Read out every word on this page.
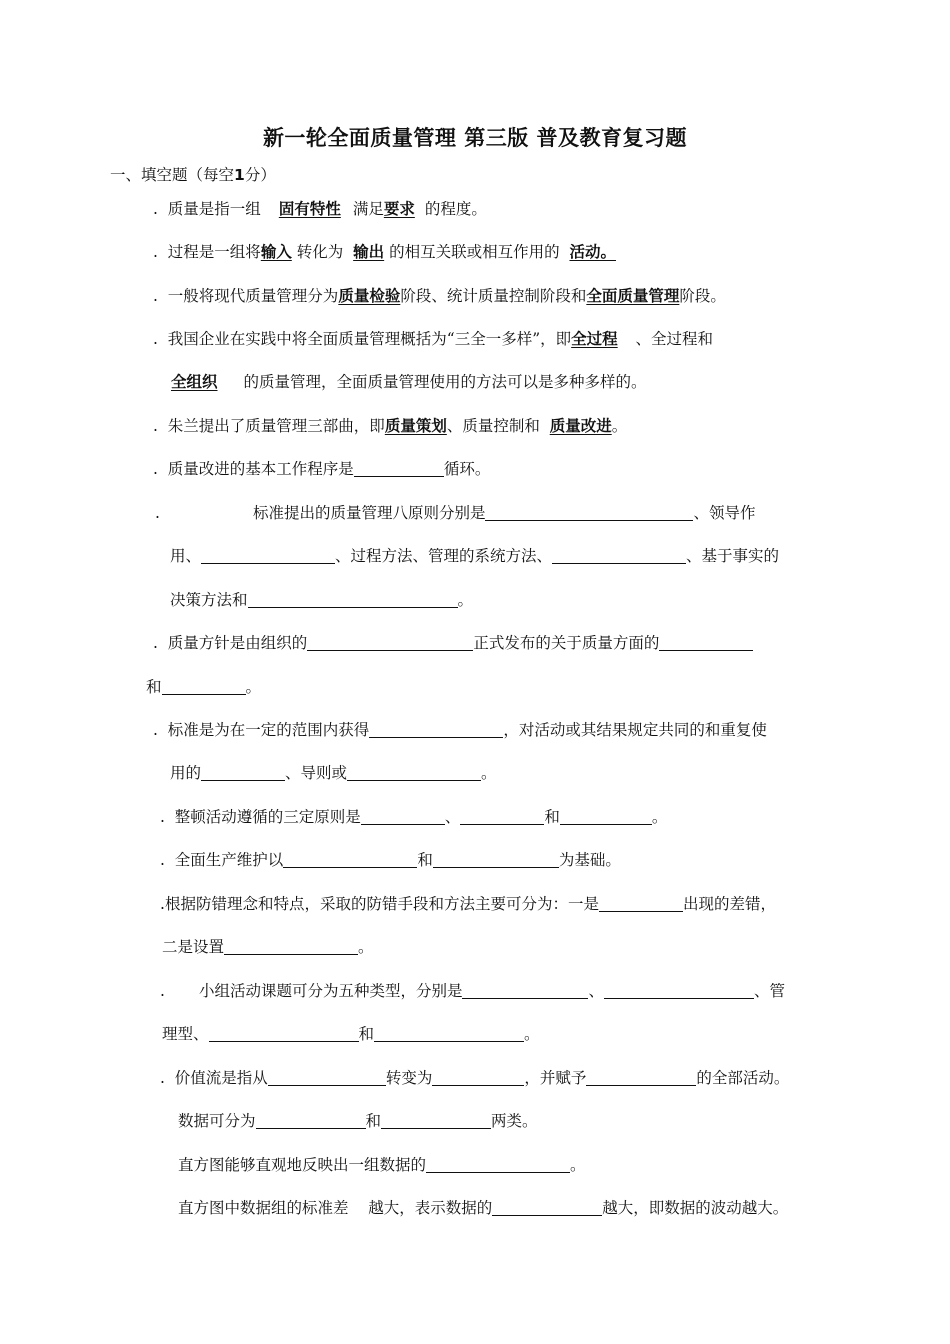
新一轮全面质量管理 第三版 普及教育复习题
一、填空题（每空1分）
. 质量是指一组 固有特性 满足要求 的程度。
. 过程是一组将输入 转化为 输出 的相互关联或相互作用的 活动。
. 一般将现代质量管理分为质量检验阶段、统计质量控制阶段和全面质量管理阶段。
. 我国企业在实践中将全面质量管理概括为“三全一多样”，即全过程 、全过程和
全组织 的质量管理，全面质量管理使用的方法可以是多种多样的。
. 朱兰提出了质量管理三部曲，即质量策划、质量控制和 质量改进。
. 质量改进的基本工作程序是	循环。
.	标准提出的质量管理八原则分别是	、领导作
用、	、过程方法、管理的系统方法、	、基于事实的
决策方法和	。
. 质量方针是由组织的	正式发布的关于质量方面的
和	。
. 标准是为在一定的范围内获得	，对活动或其结果规定共同的和重复使
用的	、导则或	。
. 整顿活动遵循的三定原则是	、	和	。
. 全面生产维护以	和	为基础。
.根据防错理念和特点，采取的防错手段和方法主要可分为：一是	出现的差错，
二是设置	。
. 小组活动课题可分为五种类型，分别是	、	、管
理型、	和	。
. 价值流是指从	转变为	，并赋予	的全部活动。
数据可分为	和	两类。
直方图能够直观地反映出一组数据的	。
直方图中数据组的标准差 越大，表示数据的	越大，即数据的波动越大。
